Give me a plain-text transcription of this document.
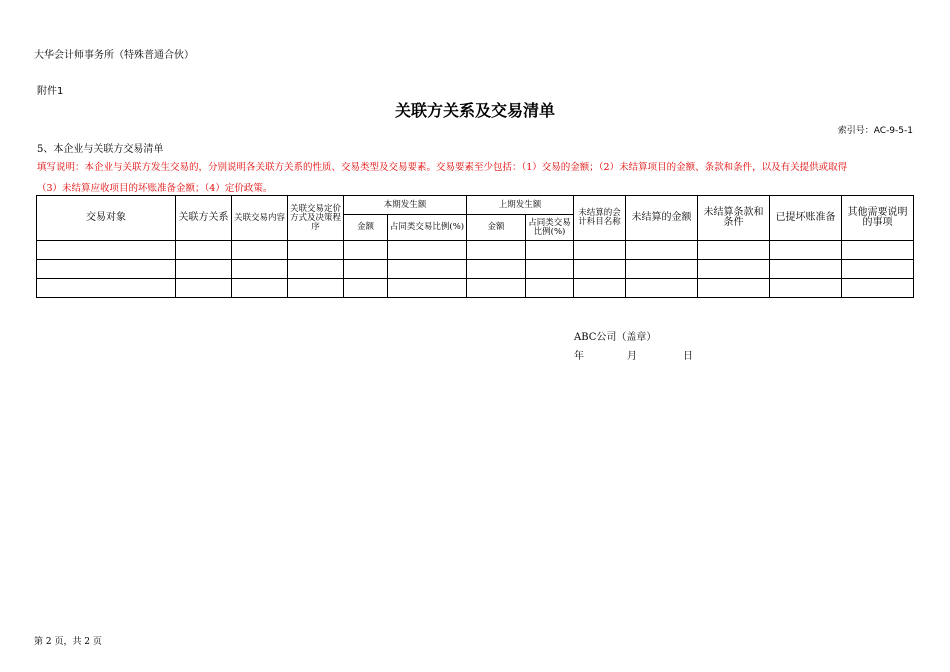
大华会计师事务所（特殊普通合伙）
附件1
关联方关系及交易清单
索引号：AC-9-5-1
5、本企业与关联方交易清单
填写说明：本企业与关联方发生交易的，分别说明各关联方关系的性质、交易类型及交易要素。交易要素至少包括：（1）交易的金额；（2）未结算项目的金额、条款和条件，以及有关提供或取得
（3）未结算应收项目的坏账准备金额；（4）定价政策。
交易对象	关联方关系	关联交易内容	关联交易定价方式及决策程序	本期发生额		上期发生额		未结算的会计科目名称	未结算的金额	未结算条款和条件	已提坏账准备	其他需要说明的事项
				金额	占同类交易比例(%)	金额	占同类交易比例(%)					

ABC公司（盖章）
年	月	日
第 2 页，共 2 页
